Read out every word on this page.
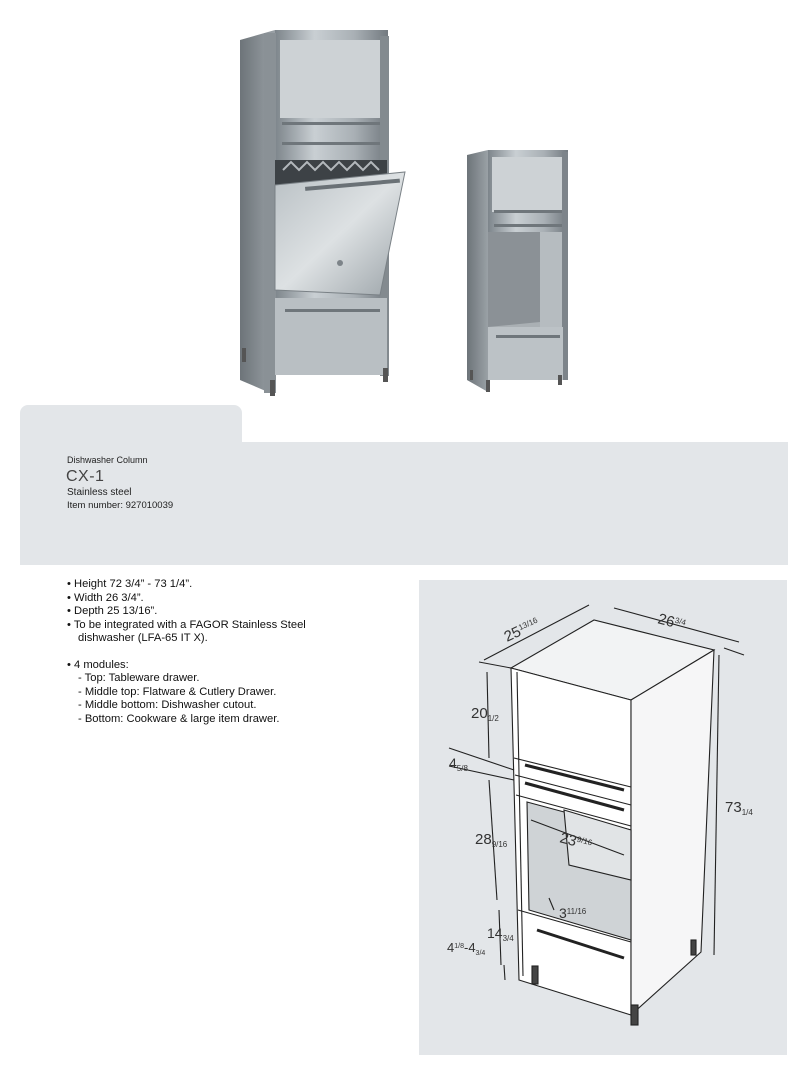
Dishwasher Column
CX-1
Stainless steel
Item number: 927010039
• Height 72 3/4” - 73 1/4”.
• Width 26 3/4”.
• Depth 25 13/16”.
• To be integrated with a FAGOR Stainless Steel
dishwasher (LFA-65 IT X).
• 4 modules:
- Top: Tableware drawer.
- Middle top: Flatware & Cutlery Drawer.
- Middle bottom: Dishwasher cutout.
- Bottom: Cookware & large item drawer.
$25^{13/16}$	$26^{3/4}$
$20_{1/2}$
$4_{5/8}$
$28_{9/16}$	$23^{9/16}$
$3^{11/16}$
$14_{3/4}$
$4^{1/8}-4_{3/4}$
$73_{1/4}$
